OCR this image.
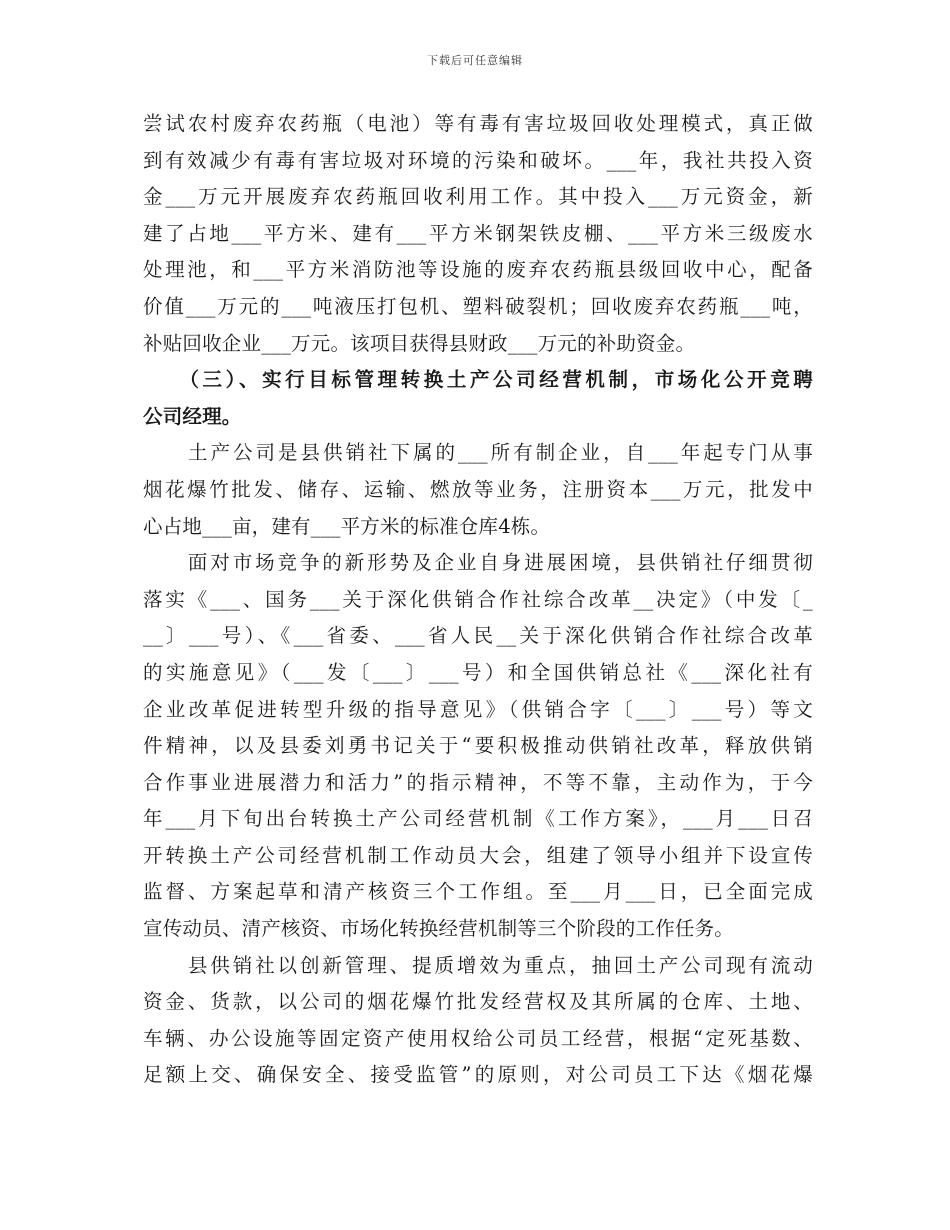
下载后可任意编辑
尝试农村废弃农药瓶（电池）等有毒有害垃圾回收处理模式，真正做
到有效减少有毒有害垃圾对环境的污染和破坏。___年，我社共投入资
金___万元开展废弃农药瓶回收利用工作。其中投入___万元资金，新
建了占地___平方米、建有___平方米钢架铁皮棚、___平方米三级废水
处理池，和___平方米消防池等设施的废弃农药瓶县级回收中心，配备
价值___万元的___吨液压打包机、塑料破裂机；回收废弃农药瓶___吨，
补贴回收企业___万元。该项目获得县财政___万元的补助资金。
　　（三）、实行目标管理转换土产公司经营机制，市场化公开竞聘
公司经理。
　　土产公司是县供销社下属的___所有制企业，自___年起专门从事
烟花爆竹批发、储存、运输、燃放等业务，注册资本___万元，批发中
心占地___亩，建有___平方米的标准仓库4栋。
　　面对市场竞争的新形势及企业自身进展困境，县供销社仔细贯彻
落实《___、国务___关于深化供销合作社综合改革__决定》（中发〔_
__〕___号）、《___省委、___省人民__关于深化供销合作社综合改革
的实施意见》（___发〔___〕___号）和全国供销总社《___深化社有
企业改革促进转型升级的指导意见》（供销合字〔___〕___号）等文
件精神，以及县委刘勇书记关于“要积极推动供销社改革，释放供销
合作事业进展潜力和活力”的指示精神，不等不靠，主动作为，于今
年___月下旬出台转换土产公司经营机制《工作方案》，___月___日召
开转换土产公司经营机制工作动员大会，组建了领导小组并下设宣传
监督、方案起草和清产核资三个工作组。至___月___日，已全面完成
宣传动员、清产核资、市场化转换经营机制等三个阶段的工作任务。
　　县供销社以创新管理、提质增效为重点，抽回土产公司现有流动
资金、货款，以公司的烟花爆竹批发经营权及其所属的仓库、土地、
车辆、办公设施等固定资产使用权给公司员工经营，根据“定死基数、
足额上交、确保安全、接受监管”的原则，对公司员工下达《烟花爆
